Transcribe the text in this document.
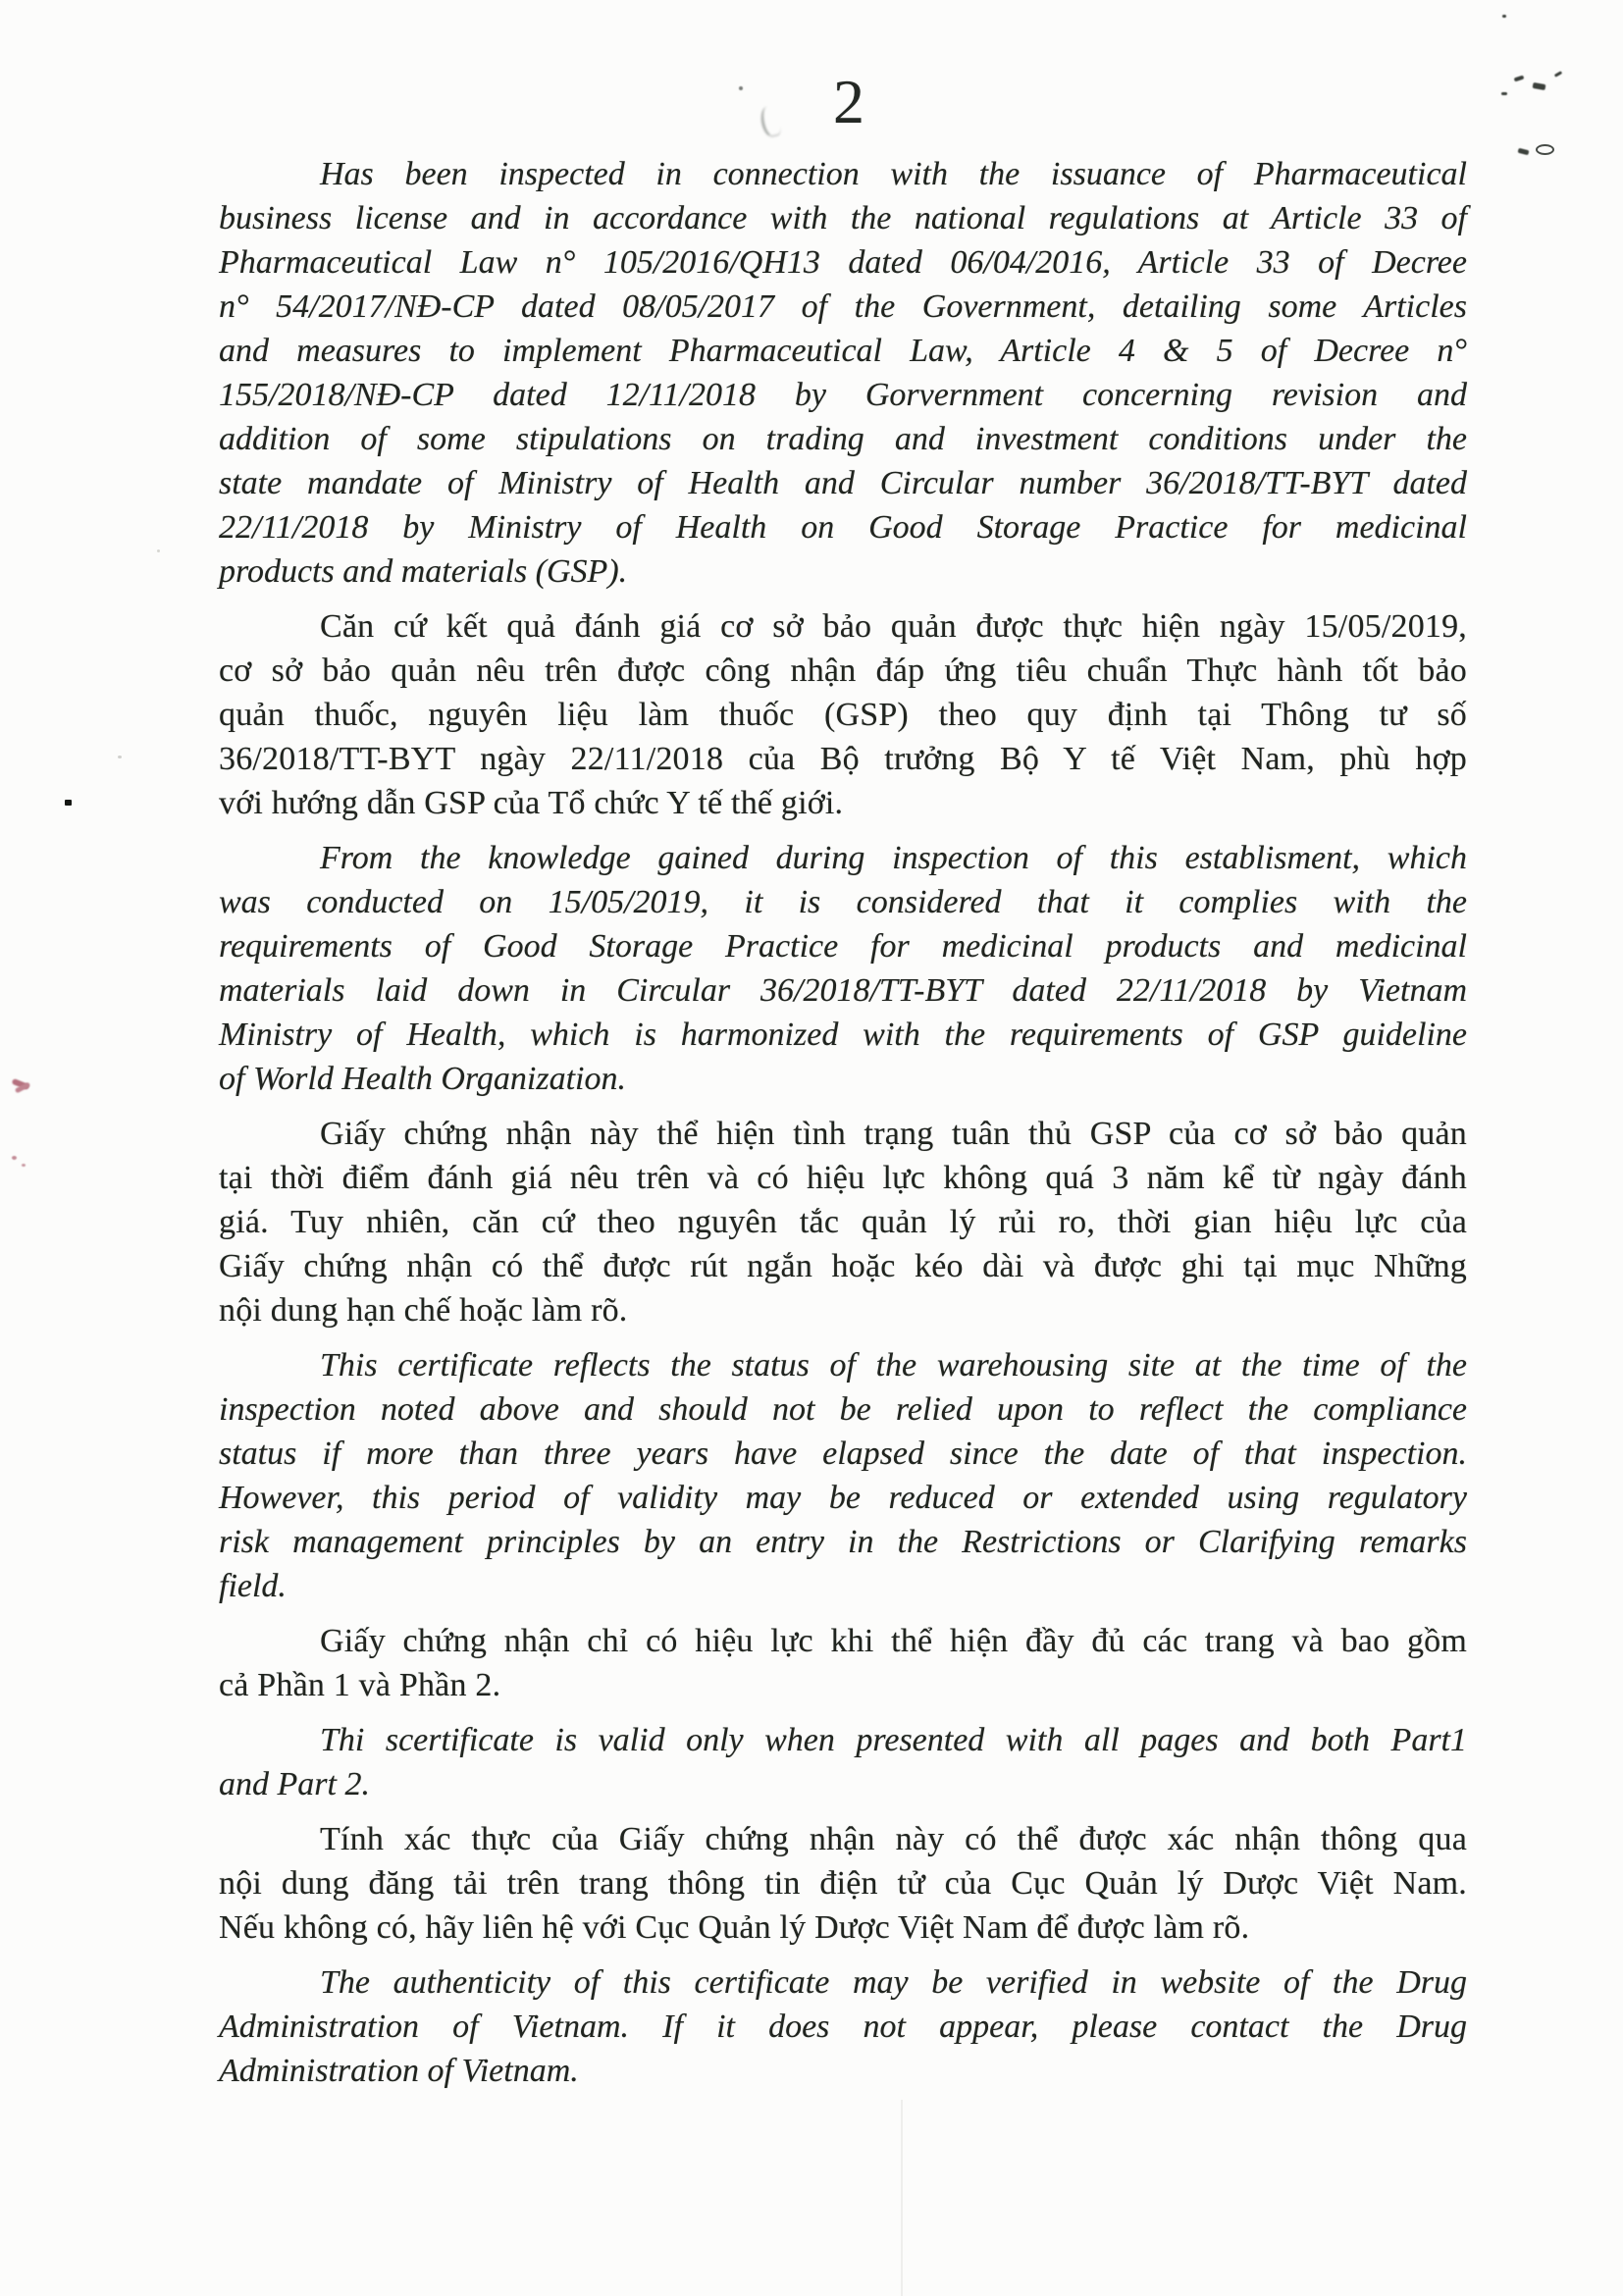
2
Has been inspected in connection with the issuance of Pharmaceutical
business license and in accordance with the national regulations at Article 33 of
Pharmaceutical Law n° 105/2016/QH13 dated 06/04/2016, Article 33 of Decree
n° 54/2017/NĐ-CP dated 08/05/2017 of the Government, detailing some Articles
and measures to implement Pharmaceutical Law, Article 4 & 5 of Decree n°
155/2018/NĐ-CP dated 12/11/2018 by Gorvernment concerning revision and
addition of some stipulations on trading and investment conditions under the
state mandate of Ministry of Health and Circular number 36/2018/TT-BYT dated
22/11/2018 by Ministry of Health on Good Storage Practice for medicinal
products and materials (GSP).
Căn cứ kết quả đánh giá cơ sở bảo quản được thực hiện ngày 15/05/2019,
cơ sở bảo quản nêu trên được công nhận đáp ứng tiêu chuẩn Thực hành tốt bảo
quản thuốc, nguyên liệu làm thuốc (GSP) theo quy định tại Thông tư số
36/2018/TT-BYT ngày 22/11/2018 của Bộ trưởng Bộ Y tế Việt Nam, phù hợp
với hướng dẫn GSP của Tổ chức Y tế thế giới.
From the knowledge gained during inspection of this establisment, which
was conducted on 15/05/2019, it is considered that it complies with the
requirements of Good Storage Practice for medicinal products and medicinal
materials laid down in Circular 36/2018/TT-BYT dated 22/11/2018 by Vietnam
Ministry of Health, which is harmonized with the requirements of GSP guideline
of World Health Organization.
Giấy chứng nhận này thể hiện tình trạng tuân thủ GSP của cơ sở bảo quản
tại thời điểm đánh giá nêu trên và có hiệu lực không quá 3 năm kể từ ngày đánh
giá. Tuy nhiên, căn cứ theo nguyên tắc quản lý rủi ro, thời gian hiệu lực của
Giấy chứng nhận có thể được rút ngắn hoặc kéo dài và được ghi tại mục Những
nội dung hạn chế hoặc làm rõ.
This certificate reflects the status of the warehousing site at the time of the
inspection noted above and should not be relied upon to reflect the compliance
status if more than three years have elapsed since the date of that inspection.
However, this period of validity may be reduced or extended using regulatory
risk management principles by an entry in the Restrictions or Clarifying remarks
field.
Giấy chứng nhận chỉ có hiệu lực khi thể hiện đầy đủ các trang và bao gồm
cả Phần 1 và Phần 2.
Thi scertificate is valid only when presented with all pages and both Part1
and Part 2.
Tính xác thực của Giấy chứng nhận này có thể được xác nhận thông qua
nội dung đăng tải trên trang thông tin điện tử của Cục Quản lý Dược Việt Nam.
Nếu không có, hãy liên hệ với Cục Quản lý Dược Việt Nam để được làm rõ.
The authenticity of this certificate may be verified in website of the Drug
Administration of Vietnam. If it does not appear, please contact the Drug
Administration of Vietnam.
